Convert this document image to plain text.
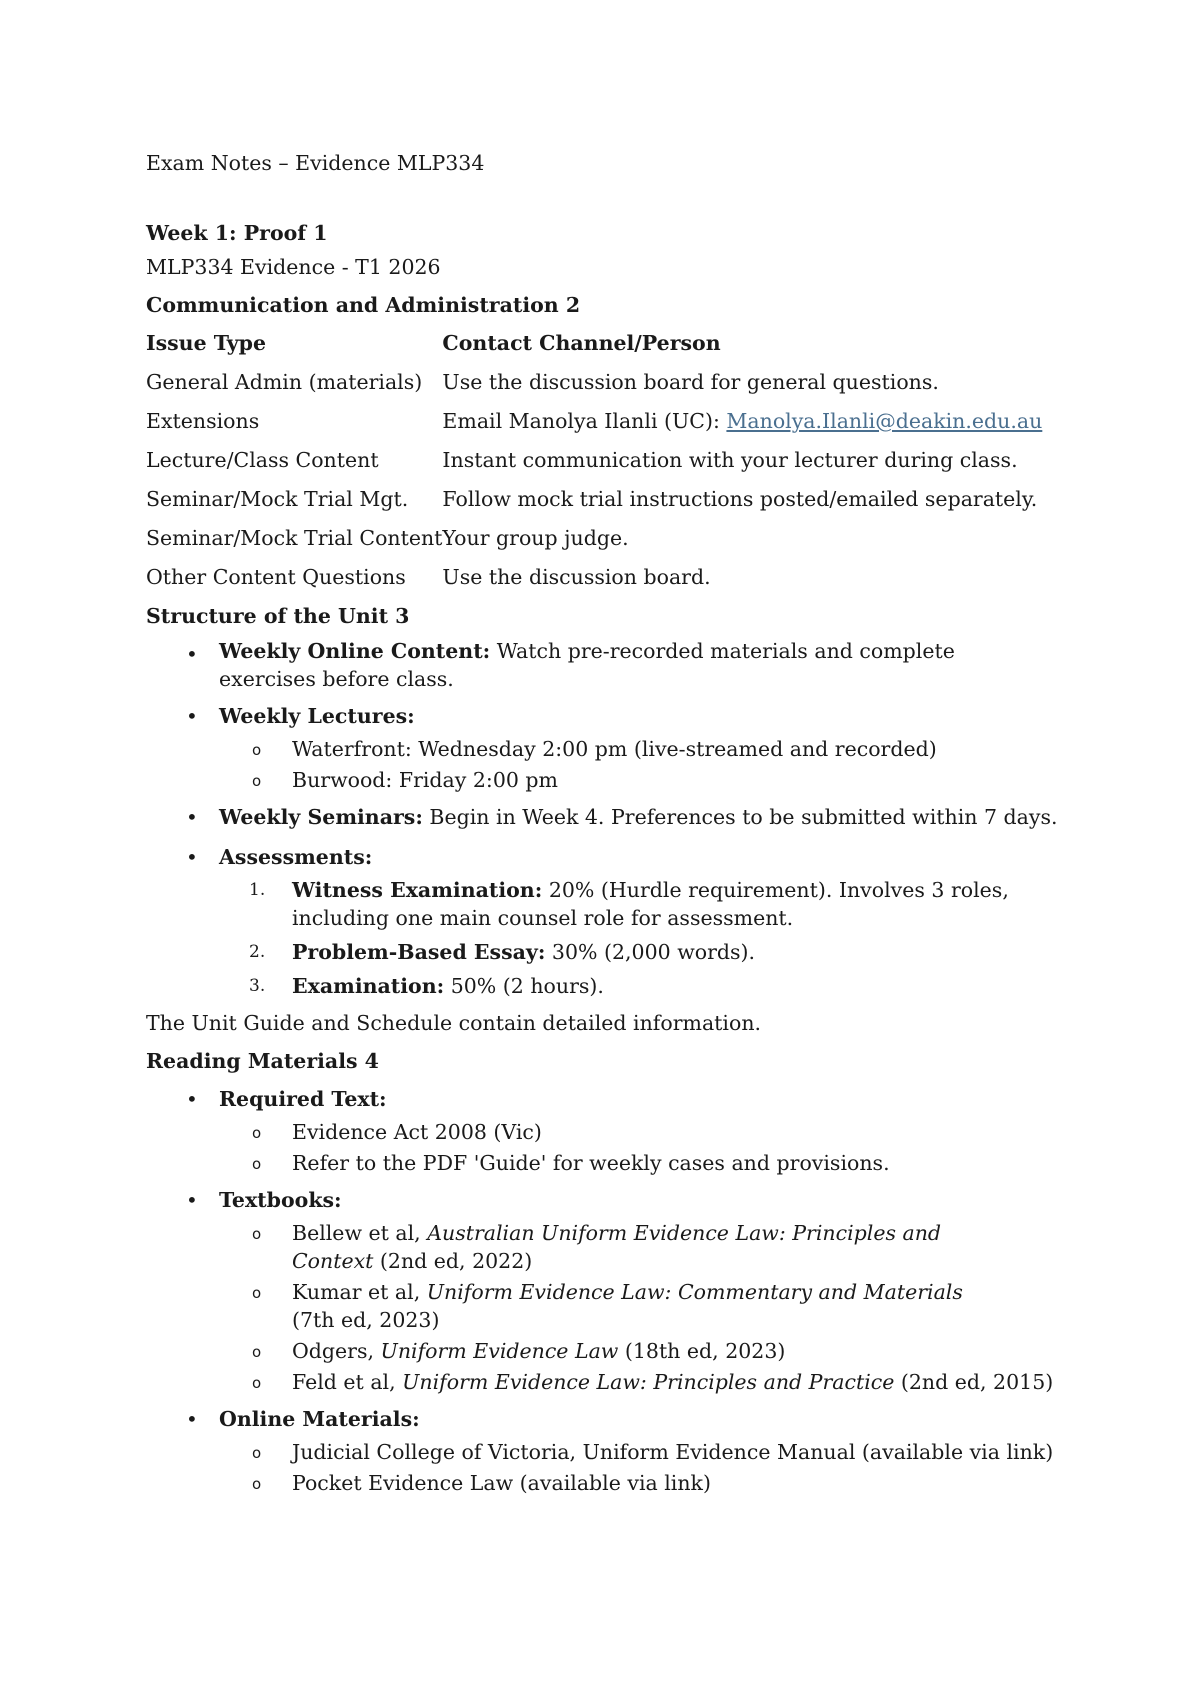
Exam Notes – Evidence MLP334

Week 1: Proof 1

MLP334 Evidence - T1 2026

Communication and Administration 2

Issue Type	Contact Channel/Person
General Admin (materials)	Use the discussion board for general questions.
Extensions	Email Manolya Ilanli (UC): Manolya.Ilanli@deakin.edu.au
Lecture/Class Content	Instant communication with your lecturer during class.
Seminar/Mock Trial Mgt.	Follow mock trial instructions posted/emailed separately.
Seminar/Mock Trial Content	Your group judge.
Other Content Questions	Use the discussion board.

Structure of the Unit 3

• Weekly Online Content: Watch pre-recorded materials and complete exercises before class.
• Weekly Lectures:
o Waterfront: Wednesday 2:00 pm (live-streamed and recorded)
o Burwood: Friday 2:00 pm
• Weekly Seminars: Begin in Week 4. Preferences to be submitted within 7 days.
• Assessments:
1. Witness Examination: 20% (Hurdle requirement). Involves 3 roles, including one main counsel role for assessment.
2. Problem-Based Essay: 30% (2,000 words).
3. Examination: 50% (2 hours).

The Unit Guide and Schedule contain detailed information.

Reading Materials 4

• Required Text:
o Evidence Act 2008 (Vic)
o Refer to the PDF 'Guide' for weekly cases and provisions.
• Textbooks:
o Bellew et al, Australian Uniform Evidence Law: Principles and Context (2nd ed, 2022)
o Kumar et al, Uniform Evidence Law: Commentary and Materials (7th ed, 2023)
o Odgers, Uniform Evidence Law (18th ed, 2023)
o Feld et al, Uniform Evidence Law: Principles and Practice (2nd ed, 2015)
• Online Materials:
o Judicial College of Victoria, Uniform Evidence Manual (available via link)
o Pocket Evidence Law (available via link)
